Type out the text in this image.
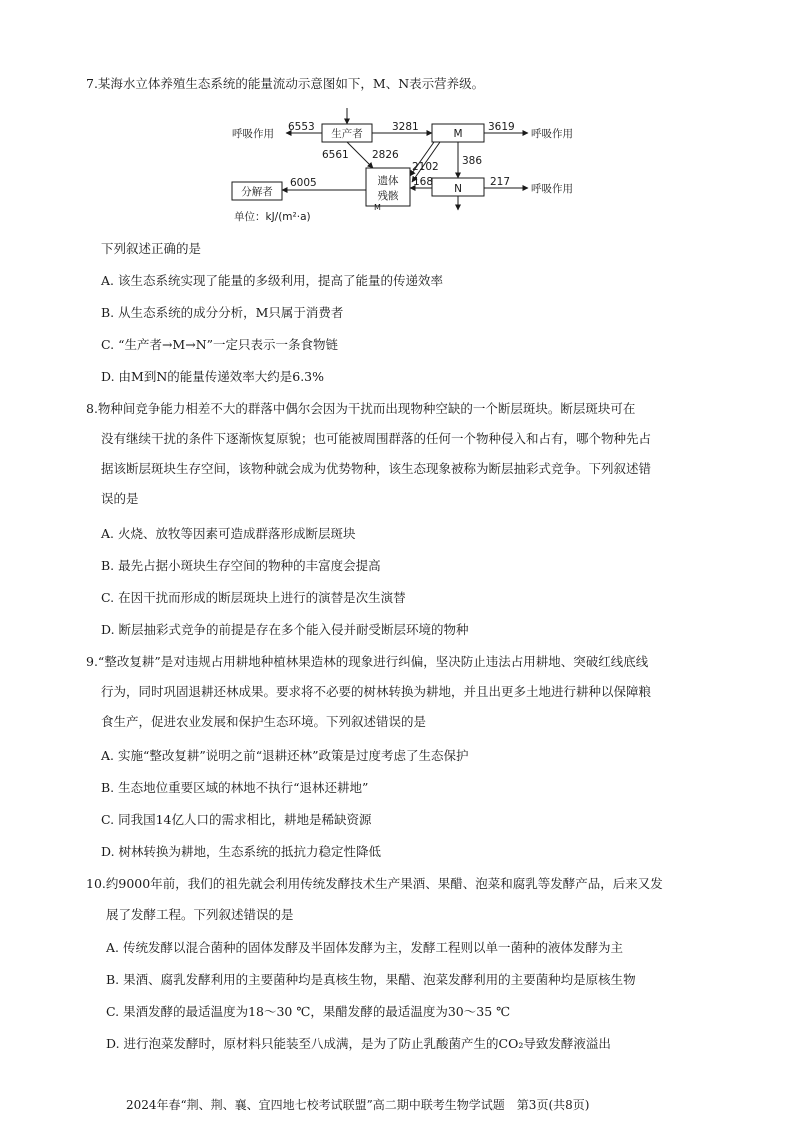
7.某海水立体养殖生态系统的能量流动示意图如下，M、N表示营养级。
生产者	M
N
遗体
残骸
分解者
M
呼吸作用	呼吸作用
呼吸作用
6553	3281	3619
6561 2826
2102 386
6005	168	217
单位：kJ/(m²·a)
下列叙述正确的是
A. 该生态系统实现了能量的多级利用，提高了能量的传递效率
B. 从生态系统的成分分析，M只属于消费者
C. “生产者→M→N”一定只表示一条食物链
D. 由M到N的能量传递效率大约是6.3%
8.物种间竞争能力相差不大的群落中偶尔会因为干扰而出现物种空缺的一个断层斑块。断层斑块可在
没有继续干扰的条件下逐渐恢复原貌；也可能被周围群落的任何一个物种侵入和占有，哪个物种先占
据该断层斑块生存空间，该物种就会成为优势物种，该生态现象被称为断层抽彩式竞争。下列叙述错
误的是
A. 火烧、放牧等因素可造成群落形成断层斑块
B. 最先占据小斑块生存空间的物种的丰富度会提高
C. 在因干扰而形成的断层斑块上进行的演替是次生演替
D. 断层抽彩式竞争的前提是存在多个能入侵并耐受断层环境的物种
9.“整改复耕”是对违规占用耕地种植林果造林的现象进行纠偏，坚决防止违法占用耕地、突破红线底线
行为，同时巩固退耕还林成果。要求将不必要的树林转换为耕地，并且出更多土地进行耕种以保障粮
食生产，促进农业发展和保护生态环境。下列叙述错误的是
A. 实施“整改复耕”说明之前“退耕还林”政策是过度考虑了生态保护
B. 生态地位重要区域的林地不执行“退林还耕地”
C. 同我国14亿人口的需求相比，耕地是稀缺资源
D. 树林转换为耕地，生态系统的抵抗力稳定性降低
10.约9000年前，我们的祖先就会利用传统发酵技术生产果酒、果醋、泡菜和腐乳等发酵产品，后来又发
展了发酵工程。下列叙述错误的是
A. 传统发酵以混合菌种的固体发酵及半固体发酵为主，发酵工程则以单一菌种的液体发酵为主
B. 果酒、腐乳发酵利用的主要菌种均是真核生物，果醋、泡菜发酵利用的主要菌种均是原核生物
C. 果酒发酵的最适温度为18～30 ℃，果醋发酵的最适温度为30～35 ℃
D. 进行泡菜发酵时，原材料只能装至八成满，是为了防止乳酸菌产生的CO₂导致发酵液溢出
2024年春“荆、荆、襄、宜四地七校考试联盟”高二期中联考生物学试题　第3页(共8页)
